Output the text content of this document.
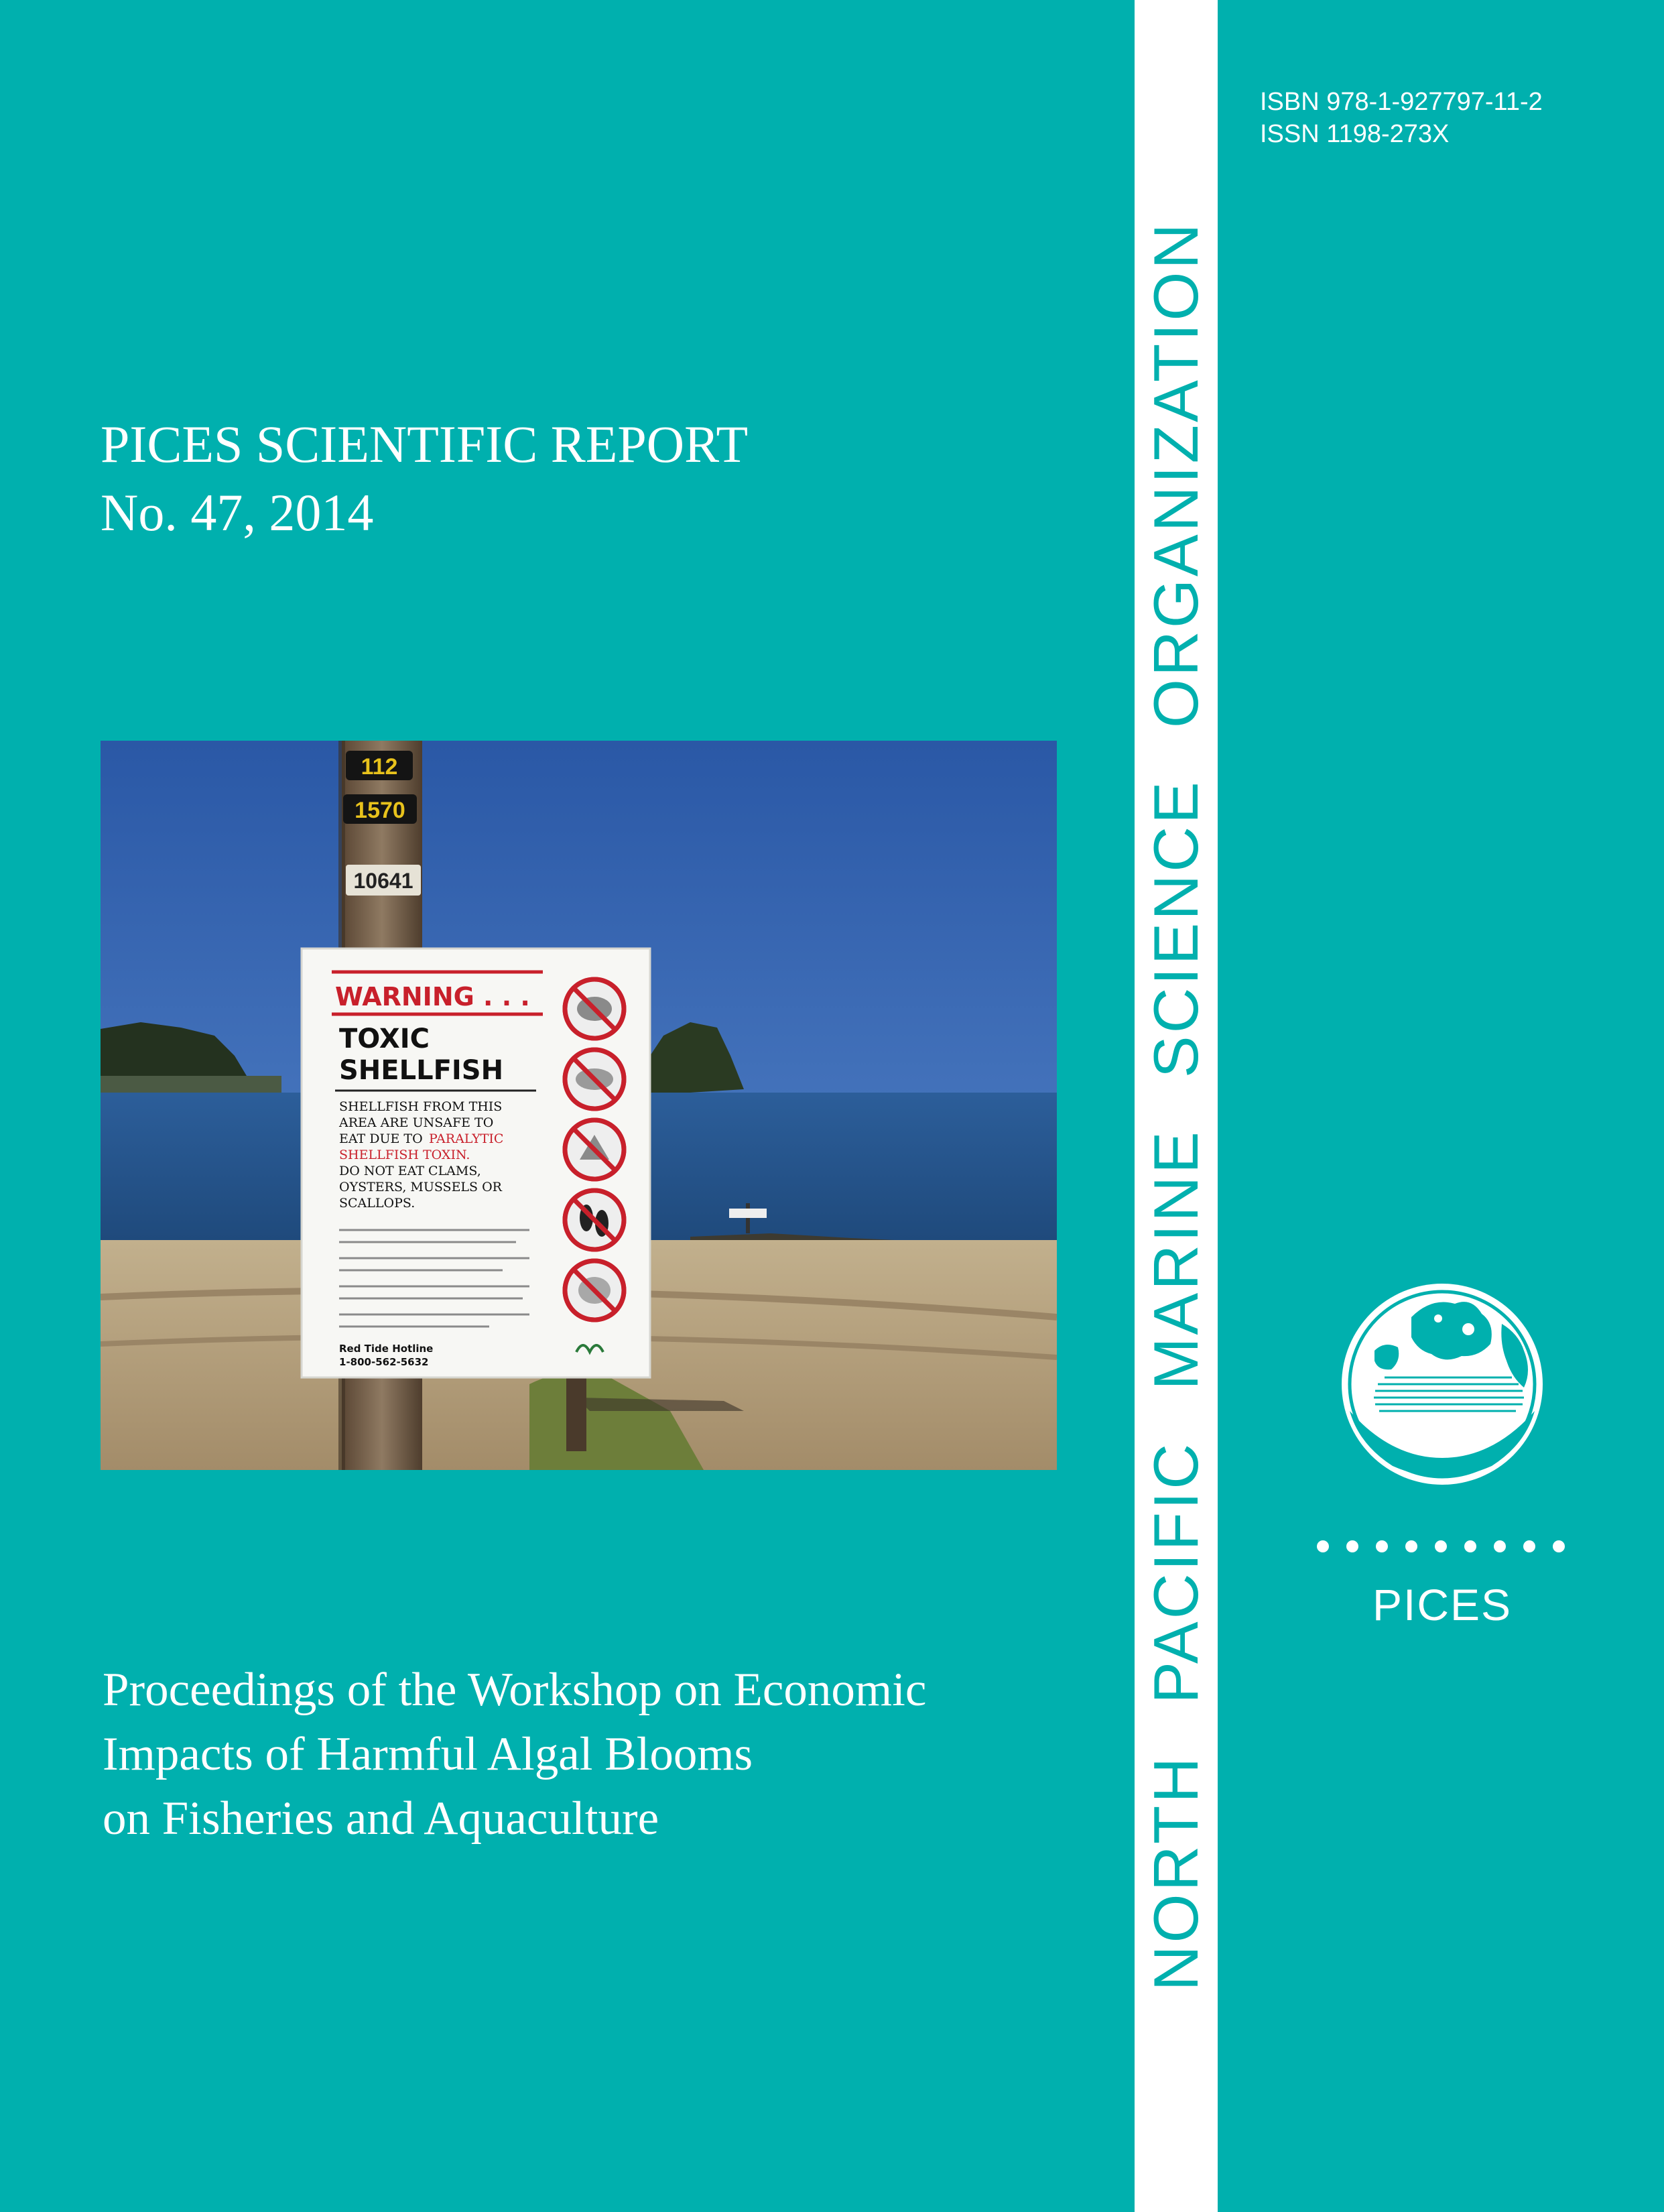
ISBN 978-1-927797-11-2
ISSN 1198-273X
PICES SCIENTIFIC REPORT
No. 47, 2014
112
1570
10641
WARNING . . .
TOXIC
SHELLFISH
SHELLFISH FROM THIS
AREA ARE UNSAFE TO
EAT DUE TO PARALYTIC
SHELLFISH TOXIN.
DO NOT EAT CLAMS,
OYSTERS, MUSSELS OR
SCALLOPS.
Red Tide Hotline
1-800-562-5632
Proceedings of the Workshop on Economic
Impacts of Harmful Algal Blooms
on Fisheries and Aquaculture	NORTH PACIFIC MARINE SCIENCE ORGANIZATION	PICES
